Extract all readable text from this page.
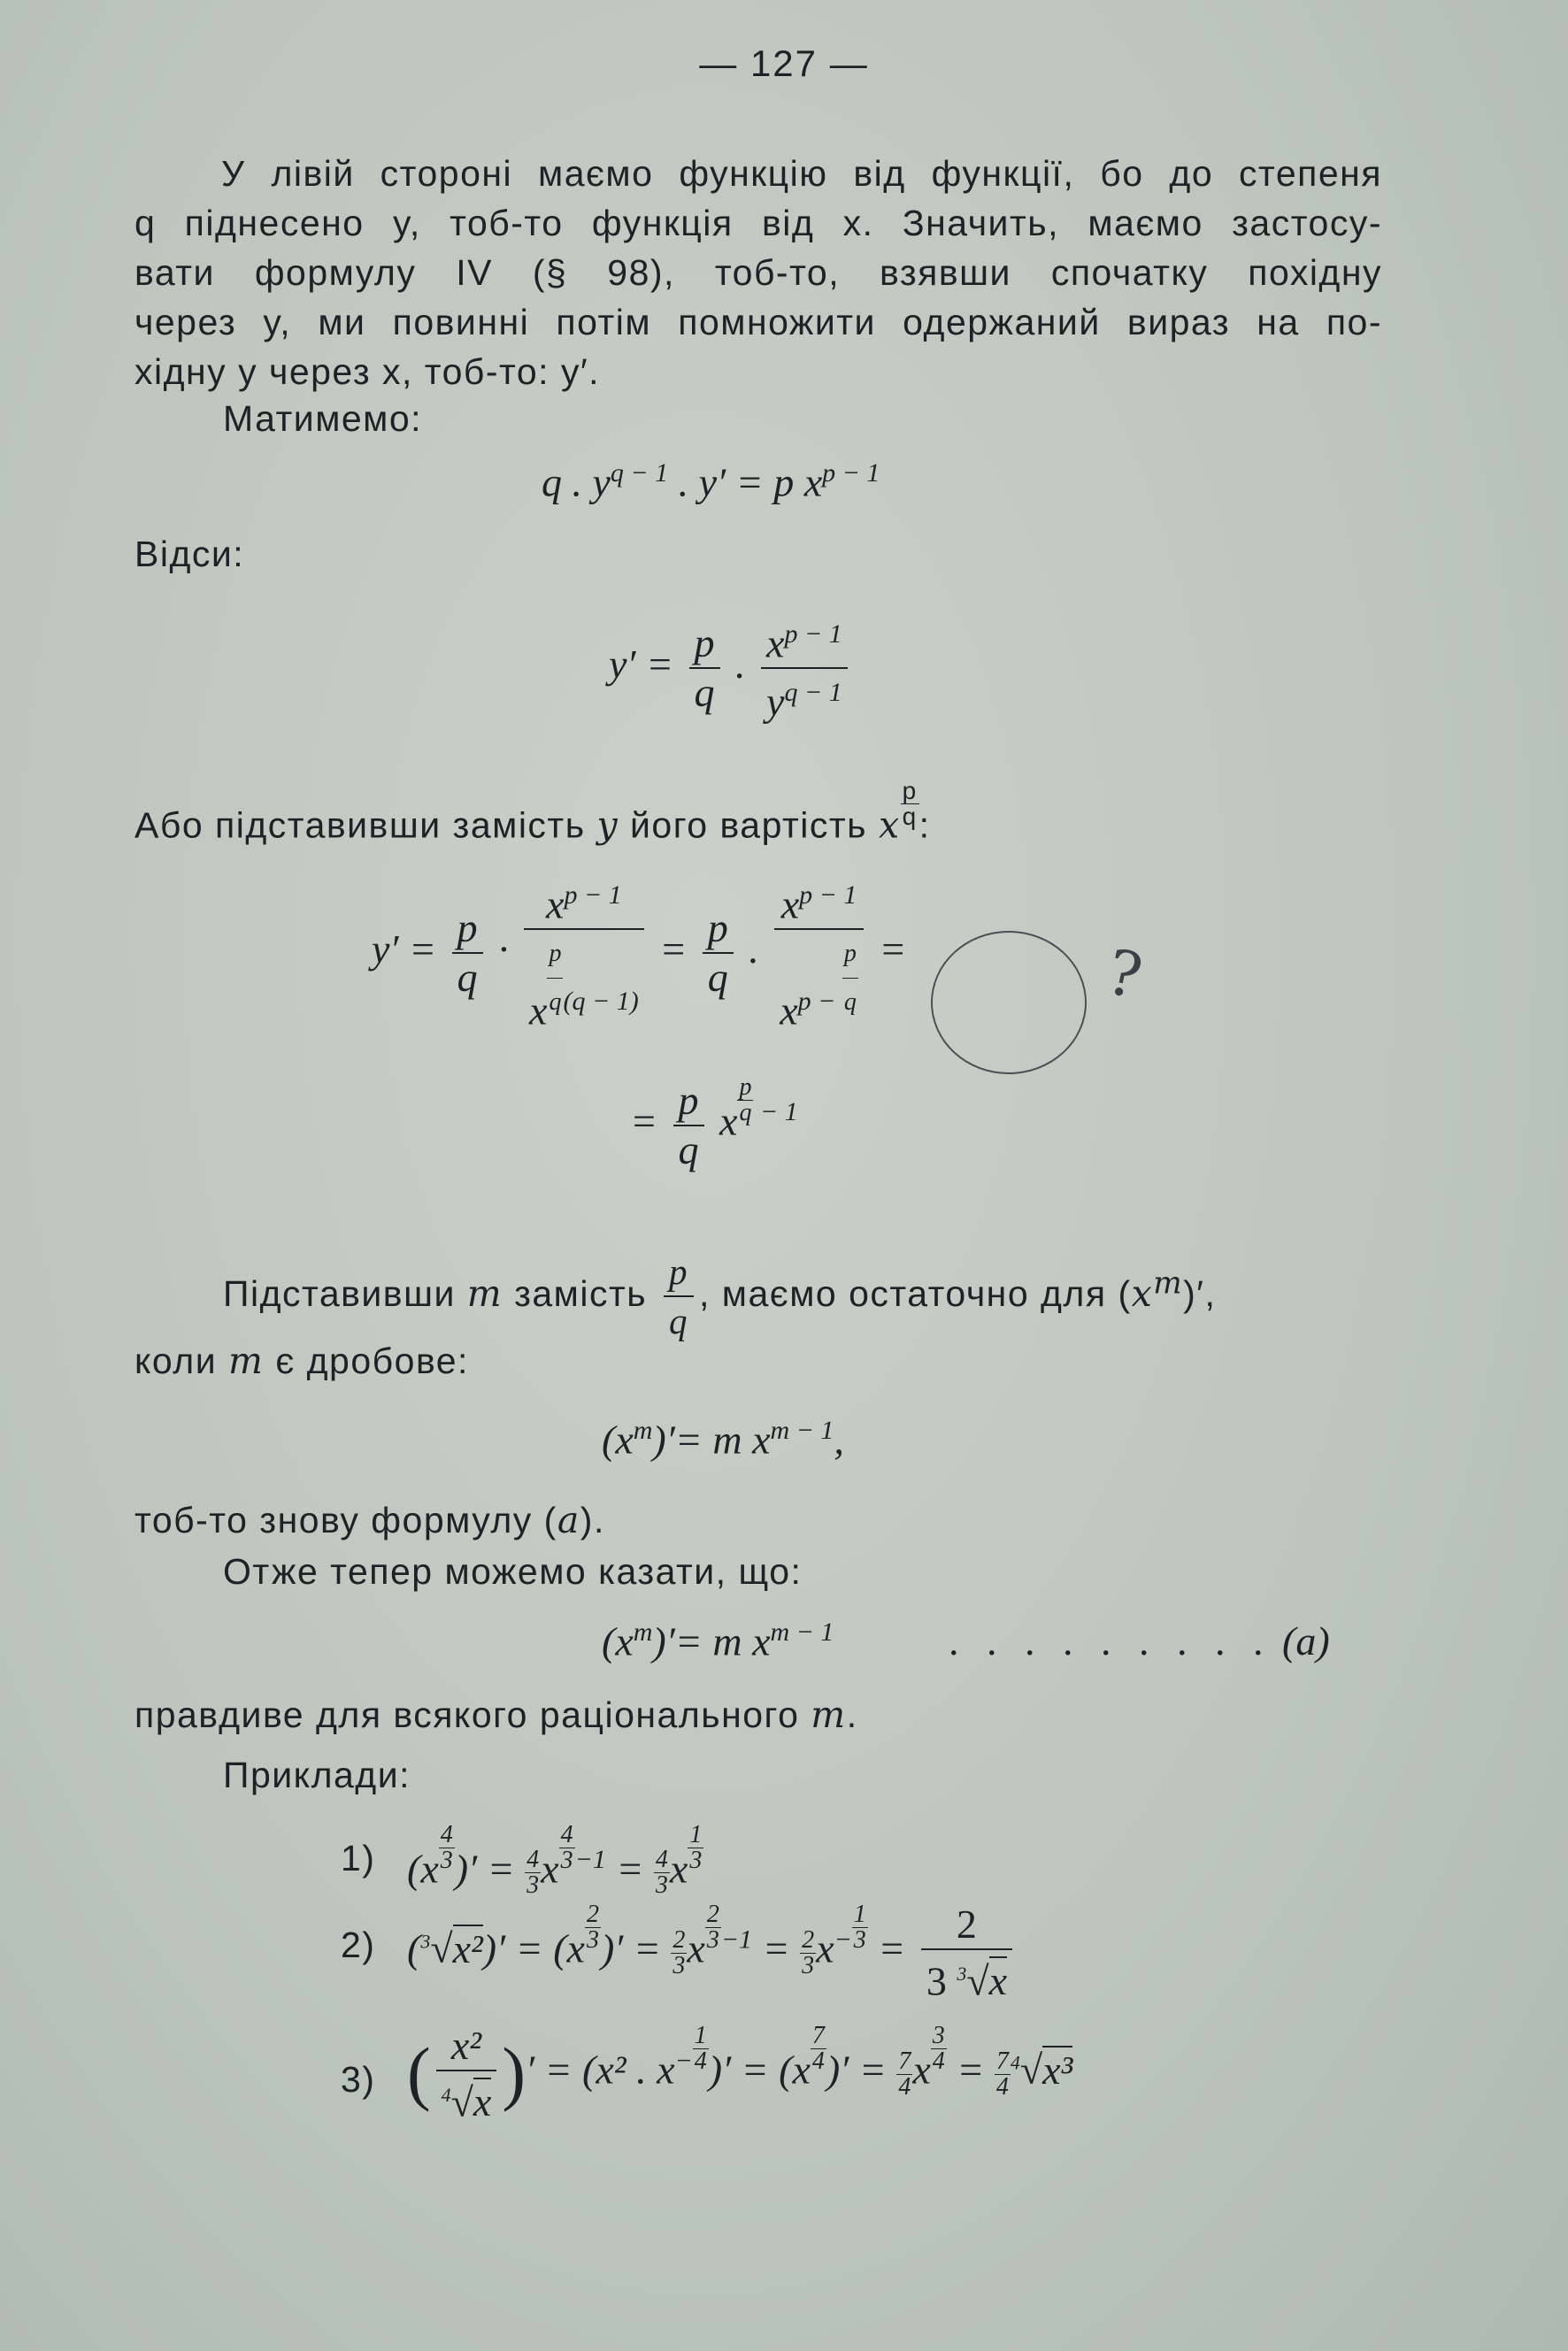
— 127 —
У лівій стороні маємо функцію від функції, бо до степеня
q піднесено y, тоб-то функція від x. Значить, маємо застосу-
вати формулу IV (§ 98), тоб-то, взявши спочатку похідну
через y, ми повинні потім помножити одержаний вираз на по-
хідну y через x, тоб-то: y′.
Матимемо:
q . $y^{q - 1}$ . y′ = p $x^{p - 1}$
Відси:
$y' = \frac{p}{q}$ . $\frac{x^{p - 1}}{y^{q - 1}}$
Або підставивши замість y його вартість x $\frac{p}{q}$ :
$y' = \frac{p}{q} \cdot \frac{x^{p - 1}}{x \frac{p}{q} ^{(q - 1)}} = \frac{p}{q}$ . $\frac{x^{p - 1}}{x^{p -} \frac{p}{q}}$ =	?
= $\frac{p}{q}$ x $\frac{p}{q} ^{- 1}$
Підставивши m замість $\frac{p}{q}$ , маємо остаточно для $(x^m)'$,
коли m є дробове:
$(x^m)'= m$ $x^{m - 1}$,
тоб-то знову формулу (a).
Отже тепер можемо казати, що:
$(x^m)'= m$ $x^{m - 1}$	. . . . . . . . . (a)
правдиве для всякого раціонального m.
Приклади:
1) ($x \frac{4}{3}$ )′ = $\frac{4}{3}$ x $\frac{4}{3} ^{-1} = \frac{4}{3}$ x $\frac{1}{3}$
2) $(^3√x^2)' = (x \frac{2}{3}$ )′ = $\frac{2}{3}$ x $\frac{2}{3} ^{-1} = \frac{2}{3} x^- \frac{1}{3} = \frac{2}{3 ^3√x}$
3) ( $\frac{\text{x²}}{^4√x}$ )′ = (x² . $x^- \frac{1}{4}$ )′ = ($x \frac{7}{4}$ )′ = $\frac{7}{4}$ x $\frac{3}{4} = \frac{7}{4} ^4√x^3$
